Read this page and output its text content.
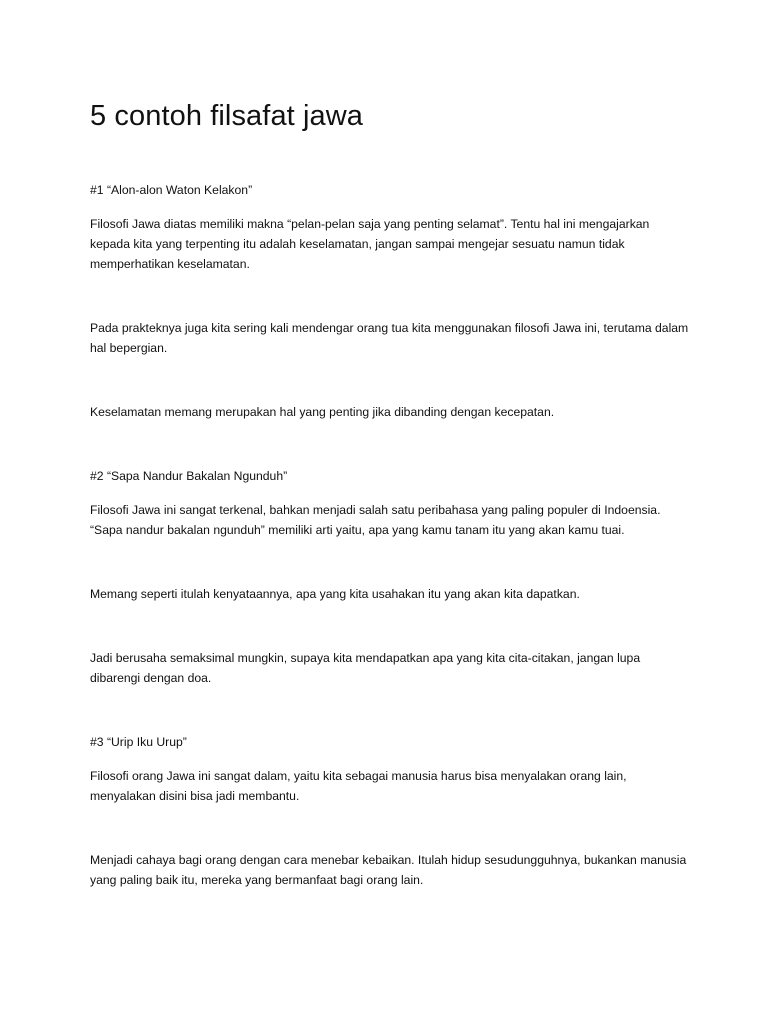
5 contoh filsafat jawa
#1 “Alon-alon Waton Kelakon”

Filosofi Jawa diatas memiliki makna “pelan-pelan saja yang penting selamat”. Tentu hal ini mengajarkan kepada kita yang terpenting itu adalah keselamatan, jangan sampai mengejar sesuatu namun tidak memperhatikan keselamatan.

Pada prakteknya juga kita sering kali mendengar orang tua kita menggunakan filosofi Jawa ini, terutama dalam hal bepergian.

Keselamatan memang merupakan hal yang penting jika dibanding dengan kecepatan.

#2 “Sapa Nandur Bakalan Ngunduh”

Filosofi Jawa ini sangat terkenal, bahkan menjadi salah satu peribahasa yang paling populer di Indoensia. “Sapa nandur bakalan ngunduh” memiliki arti yaitu, apa yang kamu tanam itu yang akan kamu tuai.

Memang seperti itulah kenyataannya, apa yang kita usahakan itu yang akan kita dapatkan.

Jadi berusaha semaksimal mungkin, supaya kita mendapatkan apa yang kita cita-citakan, jangan lupa dibarengi dengan doa.

#3 “Urip Iku Urup”

Filosofi orang Jawa ini sangat dalam, yaitu kita sebagai manusia harus bisa menyalakan orang lain, menyalakan disini bisa jadi membantu.

Menjadi cahaya bagi orang dengan cara menebar kebaikan. Itulah hidup sesudungguhnya, bukankan manusia yang paling baik itu, mereka yang bermanfaat bagi orang lain.
